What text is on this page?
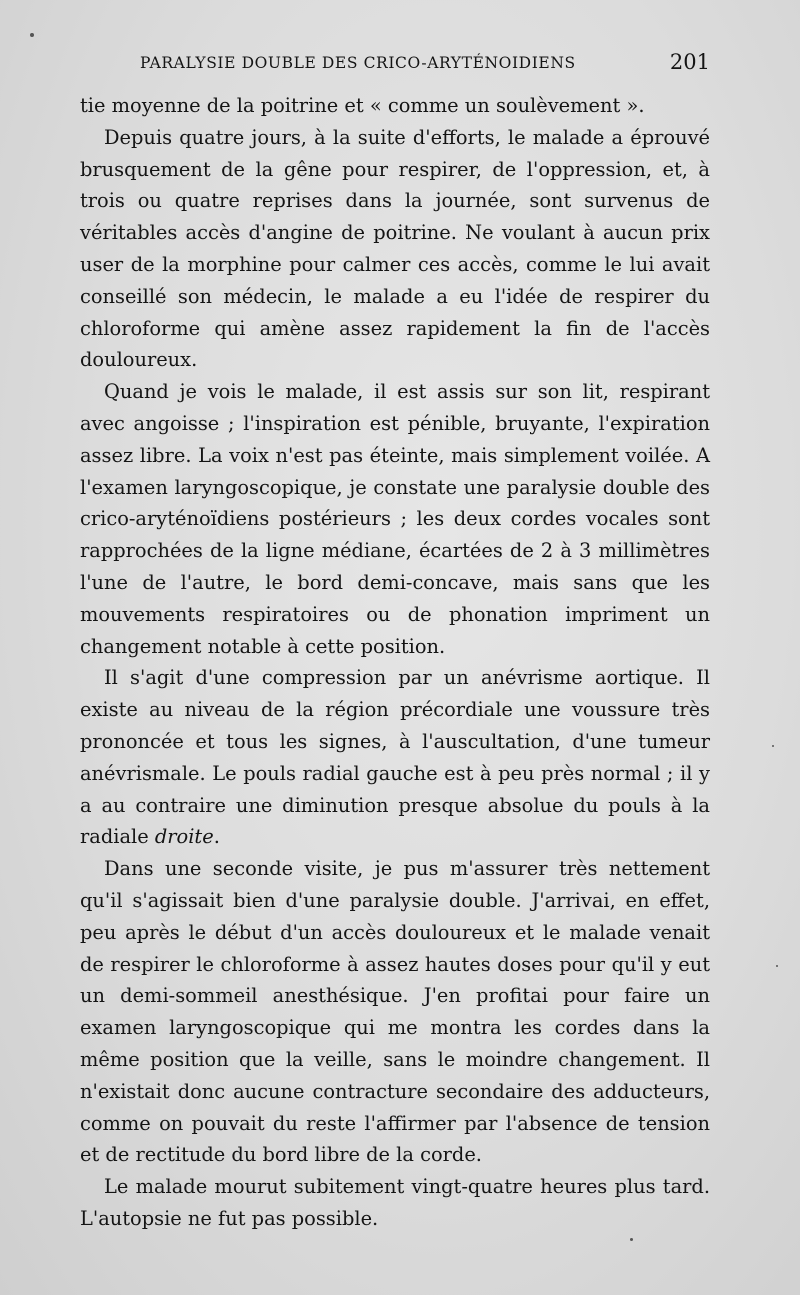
PARALYSIE DOUBLE DES CRICO-ARYTÉNOIDIENS	201

tie moyenne de la poitrine et « comme un soulèvement ».

Depuis quatre jours, à la suite d'efforts, le malade a éprouvé brusquement de la gêne pour respirer, de l'oppression, et, à trois ou quatre reprises dans la journée, sont survenus de véritables accès d'angine de poitrine. Ne voulant à aucun prix user de la morphine pour calmer ces accès, comme le lui avait conseillé son médecin, le malade a eu l'idée de respirer du chloroforme qui amène assez rapidement la fin de l'accès douloureux.

Quand je vois le malade, il est assis sur son lit, respirant avec angoisse ; l'inspiration est pénible, bruyante, l'expiration assez libre. La voix n'est pas éteinte, mais simplement voilée. A l'examen laryngoscopique, je constate une paralysie double des crico-aryténoïdiens postérieurs ; les deux cordes vocales sont rapprochées de la ligne médiane, écartées de 2 à 3 millimètres l'une de l'autre, le bord demi-concave, mais sans que les mouvements respiratoires ou de phonation impriment un changement notable à cette position.

Il s'agit d'une compression par un anévrisme aortique. Il existe au niveau de la région précordiale une voussure très prononcée et tous les signes, à l'auscultation, d'une tumeur anévrismale. Le pouls radial gauche est à peu près normal ; il y a au contraire une diminution presque absolue du pouls à la radiale droite.

Dans une seconde visite, je pus m'assurer très nettement qu'il s'agissait bien d'une paralysie double. J'arrivai, en effet, peu après le début d'un accès douloureux et le malade venait de respirer le chloroforme à assez hautes doses pour qu'il y eut un demi-sommeil anesthésique. J'en profitai pour faire un examen laryngoscopique qui me montra les cordes dans la même position que la veille, sans le moindre changement. Il n'existait donc aucune contracture secondaire des adducteurs, comme on pouvait du reste l'affirmer par l'absence de tension et de rectitude du bord libre de la corde.

Le malade mourut subitement vingt-quatre heures plus tard. L'autopsie ne fut pas possible.
